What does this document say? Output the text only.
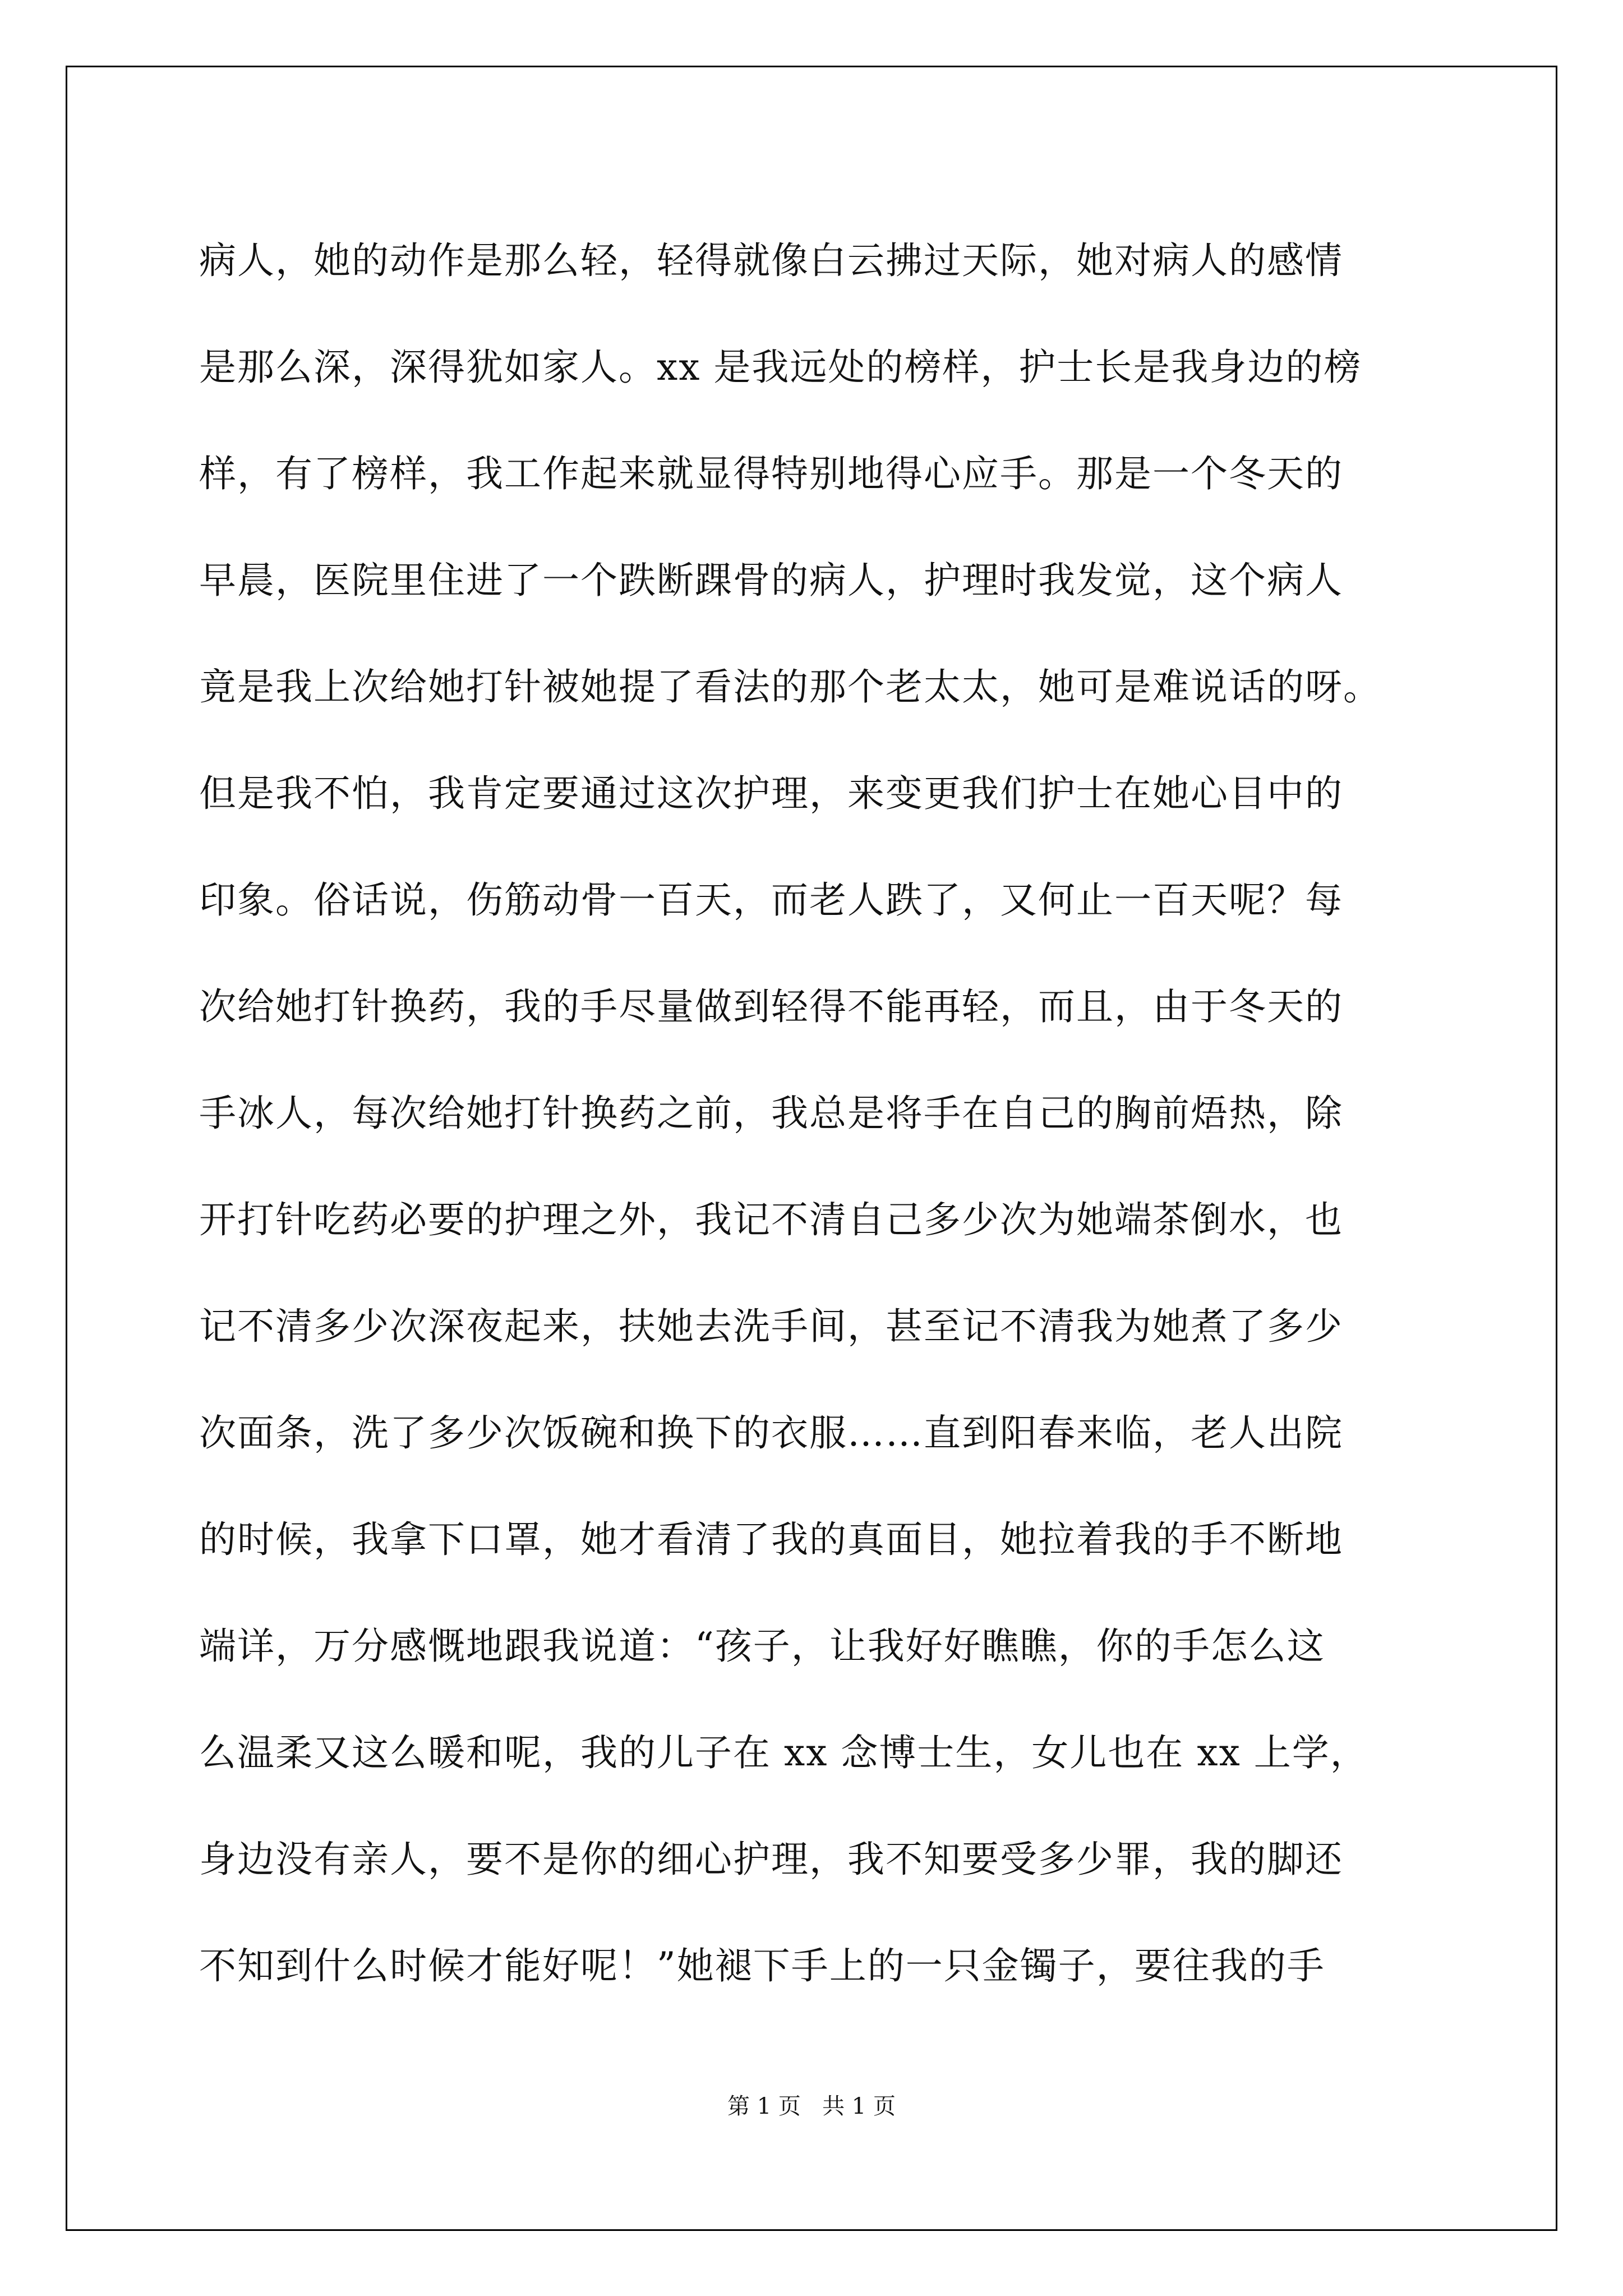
病人，她的动作是那么轻，轻得就像白云拂过天际，她对病人的感情
是那么深，深得犹如家人。xx 是我远处的榜样，护士长是我身边的榜
样，有了榜样，我工作起来就显得特别地得心应手。那是一个冬天的
早晨，医院里住进了一个跌断踝骨的病人，护理时我发觉，这个病人
竟是我上次给她打针被她提了看法的那个老太太，她可是难说话的呀。
但是我不怕，我肯定要通过这次护理，来变更我们护士在她心目中的
印象。俗话说，伤筋动骨一百天，而老人跌了，又何止一百天呢？每
次给她打针换药，我的手尽量做到轻得不能再轻，而且，由于冬天的
手冰人，每次给她打针换药之前，我总是将手在自己的胸前焐热，除
开打针吃药必要的护理之外，我记不清自己多少次为她端茶倒水，也
记不清多少次深夜起来，扶她去洗手间，甚至记不清我为她煮了多少
次面条，洗了多少次饭碗和换下的衣服……直到阳春来临，老人出院
的时候，我拿下口罩，她才看清了我的真面目，她拉着我的手不断地
端详，万分感慨地跟我说道：“孩子，让我好好瞧瞧，你的手怎么这
么温柔又这么暖和呢，我的儿子在 xx 念博士生，女儿也在 xx 上学，
身边没有亲人，要不是你的细心护理，我不知要受多少罪，我的脚还
不知到什么时候才能好呢！”她褪下手上的一只金镯子，要往我的手
第 1 页   共 1 页
